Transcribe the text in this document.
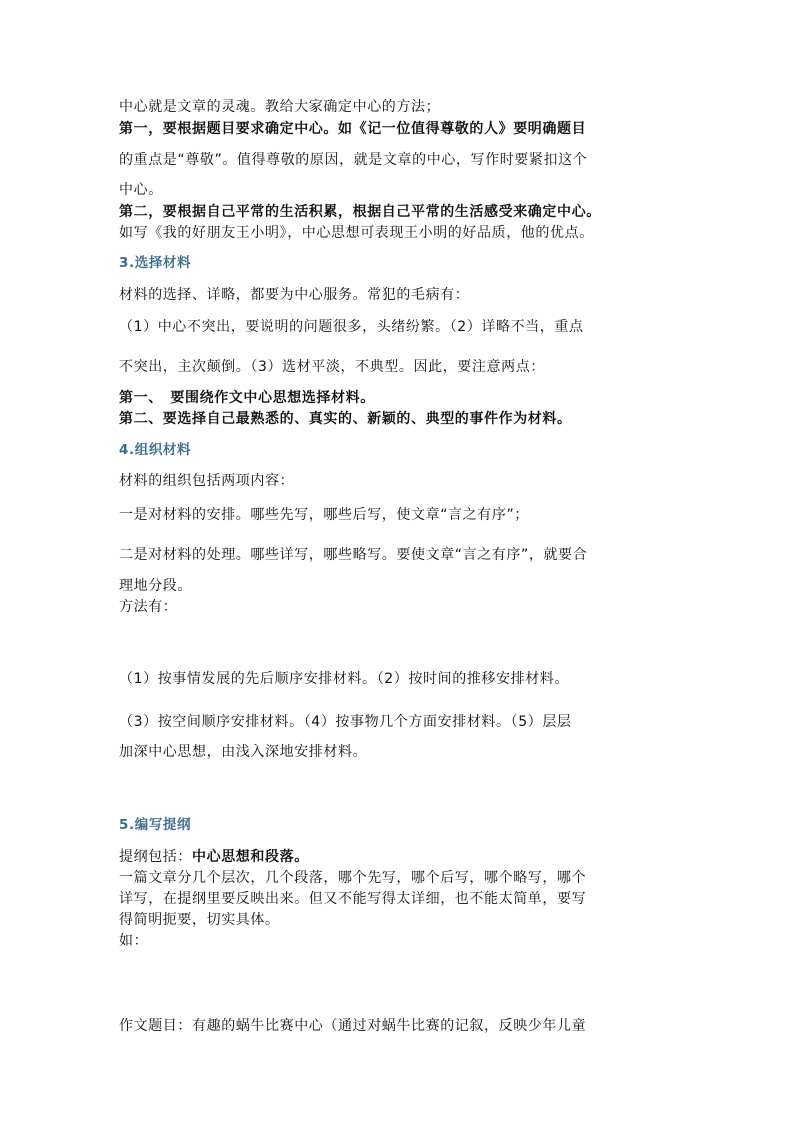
中心就是文章的灵魂。教给大家确定中心的方法；
第一，要根据题目要求确定中心。如《记一位值得尊敬的人》要明确题目
的重点是“尊敬”。值得尊敬的原因，就是文章的中心，写作时要紧扣这个
中心。
第二，要根据自己平常的生活积累，根据自己平常的生活感受来确定中心。
如写《我的好朋友王小明》，中心思想可表现王小明的好品质，他的优点。
3.选择材料
材料的选择、详略，都要为中心服务。常犯的毛病有：
（1）中心不突出，要说明的问题很多，头绪纷繁。（2）详略不当，重点
不突出，主次颠倒。（3）选材平淡，不典型。因此，要注意两点：
第一、　要围绕作文中心思想选择材料。
第二、要选择自己最熟悉的、真实的、新颖的、典型的事件作为材料。
4.组织材料
材料的组织包括两项内容：
一是对材料的安排。哪些先写，哪些后写，使文章“言之有序”；
二是对材料的处理。哪些详写，哪些略写。要使文章“言之有序”，就要合
理地分段。
方法有：
（1）按事情发展的先后顺序安排材料。（2）按时间的推移安排材料。
（3）按空间顺序安排材料。（4）按事物几个方面安排材料。（5）层层
加深中心思想，由浅入深地安排材料。
5.编写提纲
提纲包括：中心思想和段落。
一篇文章分几个层次，几个段落，哪个先写，哪个后写，哪个略写，哪个
详写，在提纲里要反映出来。但又不能写得太详细，也不能太简单，要写
得简明扼要，切实具体。
如：
作文题目：有趣的蜗牛比赛中心（通过对蜗牛比赛的记叙，反映少年儿童
